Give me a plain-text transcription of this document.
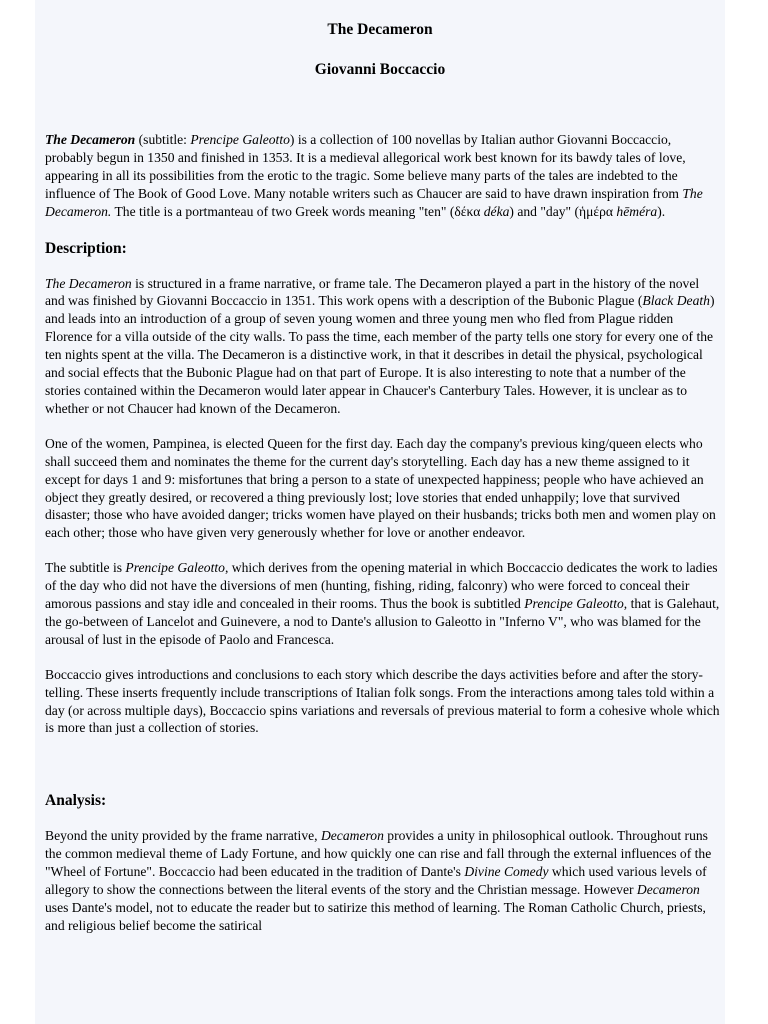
The Decameron
Giovanni Boccaccio

The Decameron (subtitle: Prencipe Galeotto) is a collection of 100 novellas by Italian author Giovanni Boccaccio, probably begun in 1350 and finished in 1353. It is a medieval allegorical work best known for its bawdy tales of love, appearing in all its possibilities from the erotic to the tragic. Some believe many parts of the tales are indebted to the influence of The Book of Good Love. Many notable writers such as Chaucer are said to have drawn inspiration from The Decameron. The title is a portmanteau of two Greek words meaning "ten" (δέκα déka) and "day" (ἡμέρα hēméra).

Description:

The Decameron is structured in a frame narrative, or frame tale. The Decameron played a part in the history of the novel and was finished by Giovanni Boccaccio in 1351. This work opens with a description of the Bubonic Plague (Black Death) and leads into an introduction of a group of seven young women and three young men who fled from Plague ridden Florence for a villa outside of the city walls. To pass the time, each member of the party tells one story for every one of the ten nights spent at the villa. The Decameron is a distinctive work, in that it describes in detail the physical, psychological and social effects that the Bubonic Plague had on that part of Europe. It is also interesting to note that a number of the stories contained within the Decameron would later appear in Chaucer's Canterbury Tales. However, it is unclear as to whether or not Chaucer had known of the Decameron.

One of the women, Pampinea, is elected Queen for the first day. Each day the company's previous king/queen elects who shall succeed them and nominates the theme for the current day's storytelling. Each day has a new theme assigned to it except for days 1 and 9: misfortunes that bring a person to a state of unexpected happiness; people who have achieved an object they greatly desired, or recovered a thing previously lost; love stories that ended unhappily; love that survived disaster; those who have avoided danger; tricks women have played on their husbands; tricks both men and women play on each other; those who have given very generously whether for love or another endeavor.

The subtitle is Prencipe Galeotto, which derives from the opening material in which Boccaccio dedicates the work to ladies of the day who did not have the diversions of men (hunting, fishing, riding, falconry) who were forced to conceal their amorous passions and stay idle and concealed in their rooms. Thus the book is subtitled Prencipe Galeotto, that is Galehaut, the go-between of Lancelot and Guinevere, a nod to Dante's allusion to Galeotto in "Inferno V", who was blamed for the arousal of lust in the episode of Paolo and Francesca.

Boccaccio gives introductions and conclusions to each story which describe the days activities before and after the story-telling. These inserts frequently include transcriptions of Italian folk songs. From the interactions among tales told within a day (or across multiple days), Boccaccio spins variations and reversals of previous material to form a cohesive whole which is more than just a collection of stories.

Analysis:

Beyond the unity provided by the frame narrative, Decameron provides a unity in philosophical outlook. Throughout runs the common medieval theme of Lady Fortune, and how quickly one can rise and fall through the external influences of the "Wheel of Fortune". Boccaccio had been educated in the tradition of Dante's Divine Comedy which used various levels of allegory to show the connections between the literal events of the story and the Christian message. However Decameron uses Dante's model, not to educate the reader but to satirize this method of learning. The Roman Catholic Church, priests, and religious belief become the satirical
